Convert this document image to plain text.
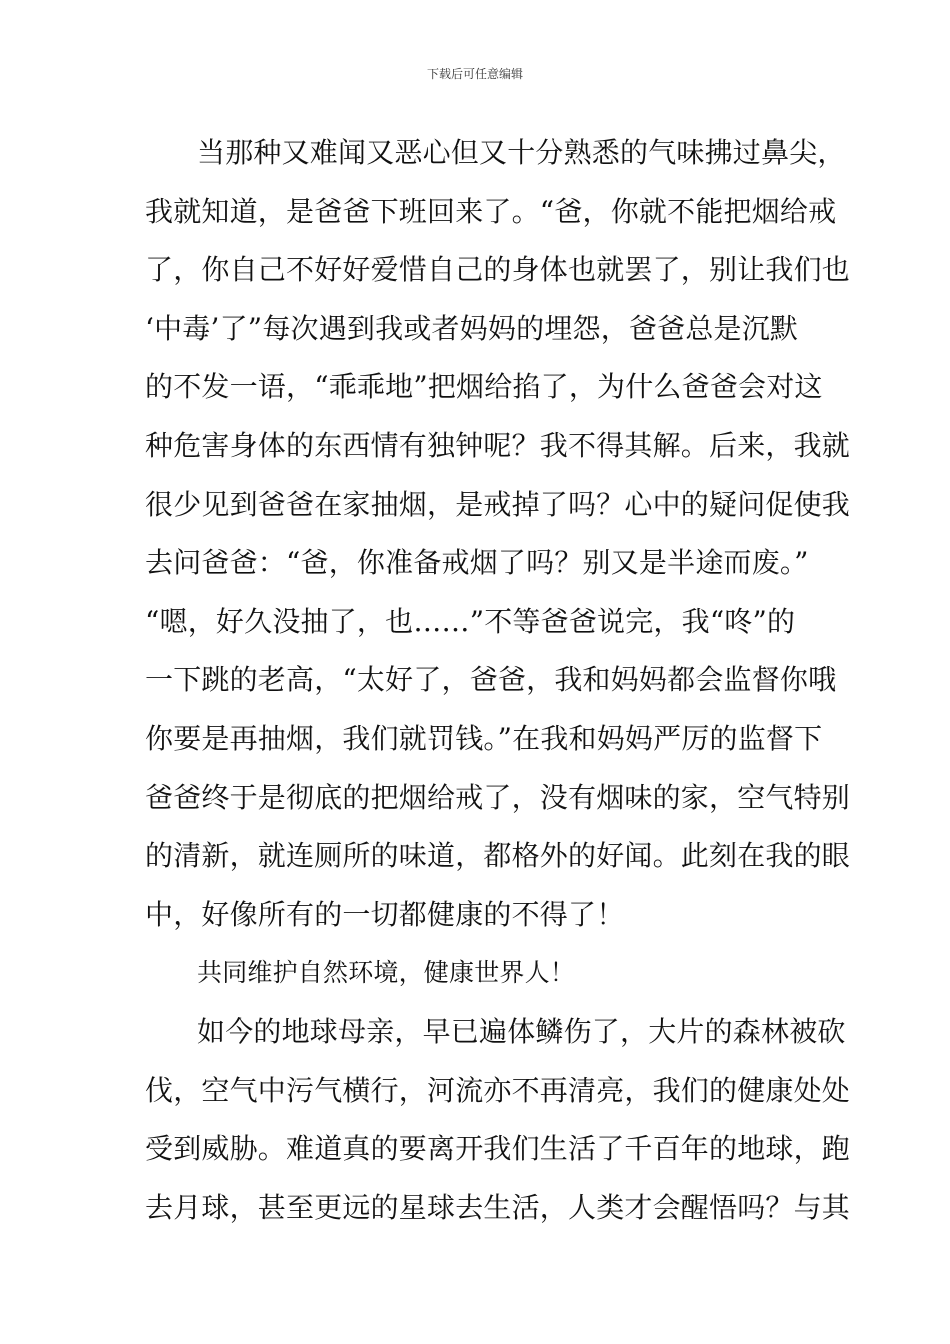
下载后可任意编辑
当那种又难闻又恶心但又十分熟悉的气味拂过鼻尖，
我就知道，是爸爸下班回来了。“爸，你就不能把烟给戒
了，你自己不好好爱惜自己的身体也就罢了，别让我们也
‘中毒’了”每次遇到我或者妈妈的埋怨，爸爸总是沉默
的不发一语，“乖乖地”把烟给掐了，为什么爸爸会对这
种危害身体的东西情有独钟呢？我不得其解。后来，我就
很少见到爸爸在家抽烟，是戒掉了吗？心中的疑问促使我
去问爸爸：“爸，你准备戒烟了吗？别又是半途而废。”
“嗯，好久没抽了，也……”不等爸爸说完，我“咚”的
一下跳的老高，“太好了，爸爸，我和妈妈都会监督你哦
你要是再抽烟，我们就罚钱。”在我和妈妈严厉的监督下
爸爸终于是彻底的把烟给戒了，没有烟味的家，空气特别
的清新，就连厕所的味道，都格外的好闻。此刻在我的眼
中，好像所有的一切都健康的不得了！
共同维护自然环境，健康世界人！
如今的地球母亲，早已遍体鳞伤了，大片的森林被砍
伐，空气中污气横行，河流亦不再清亮，我们的健康处处
受到威胁。难道真的要离开我们生活了千百年的地球，跑
去月球，甚至更远的星球去生活，人类才会醒悟吗？与其
